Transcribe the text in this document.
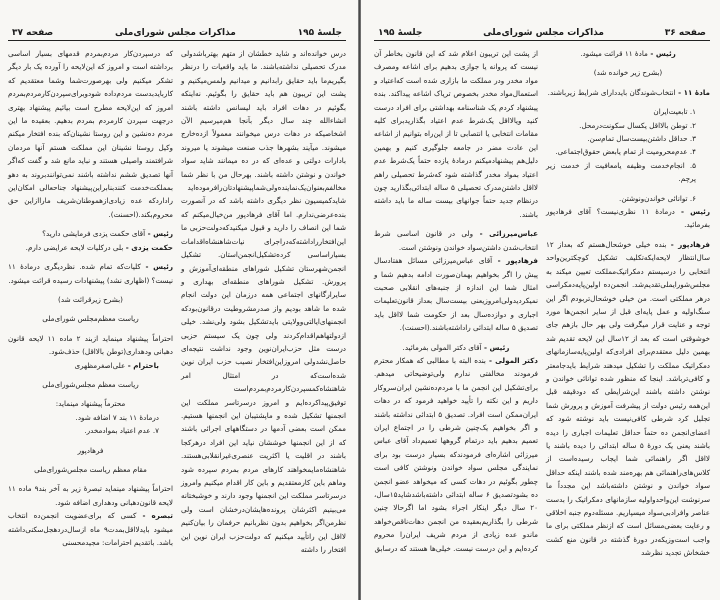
صفحه ۳۶
مذاکرات مجلس شورای‌ملی
جلسهٔ ۱۹۵

رئیس - مادهٔ ۱۱ قرائت میشود.

(بشرح زیر خوانده شد)

مادهٔ ۱۱ - انتخاب‌شوندگان بایددارای شرایط زیرباشند.

۱. تابعیت‌ایران

۲. توطن بالااقل یکسال سکونت‌درمحل.

۳. حداقل داشتن‌بیست‌سال تمام‌سن.

۴. عدم‌محرومیت از تمام یابعض حقوق‌اجتماعی.

۵. انجام‌خدمت وظیفه یامعافیت از خدمت زیر پرچم.

۶. توانائی خواندن‌ونوشتن.

رئیس - درمادهٔ ۱۱ نظری‌نیست؟ آقای فرهادپور بفرمائید.

فرهادپور - بنده خیلی خوشحال‌هستم که بعداز ۱۲ سال‌انتظار لایحه‌ایکه‌تکلیف تشکیل کوچکترین‌واحد انتخابی را درسیستم دمکراتیک‌مملکت تعیین میکند به مجلس‌شورایملی‌تقدیم‌شد. انجمن‌ده اولین‌پایه‌دمکراسی درهر مملکتی است. من خیلی خوشحال‌تربودم اگر این سنگ‌اولیه و عمل پایه‌ای قبل از سایر انجمن‌ها مورد توجه و عنایت قرار میگرفت ولی بهر حال بازهم جای خوشوقتی است که بعد از ۱۲سال این لایحه تقدیم شد بهمین دلیل معتقدم‌برای افرادی‌که اولین‌پایه‌سازمانهای دمکراتیک مملکت را تشکیل میدهند شرایط بایدجامعتر و کافی‌ترباشد. اینجا که منظور شده توانائی خواندن و نوشتن داشته باشند این‌شرایطی که دودقیقه قبل این‌همه رئیس دولت از پیشرفت آموزش و پرورش شما تجلیل کرد شرطی کافی‌نیست باید نوشته شود که اعضای‌انجمن ده حتماً حداقل تعلیمات اجباری را دیده باشند یعنی یک دورهٔ ۵ ساله ابتدائی را دیده باشند یا لااقل اگر راهنمائی شما ایجاب رسیده‌است از کلاس‌های‌راهنمائی هم بهره‌مند شده باشند اینکه حداقل سواد خواندن و نوشتن داشته‌باشد این مجدداً ما سرنوشت این‌واحدواولیه سازمانهای دمکراتیک را بدست عناصر وافرادبی‌سواد میسپاریم. مسئله‌دوم جنبه اخلاقی و رعایت بعضی‌مسائل است که ازنظر مملکتی برای ما واجب است‌وزیکه‌در دورهٔ گذشته در قانون منع کشت خشخاش تجدید نظرشد

از پشت این تریبون اعلام شد که این قانون بخاطر آن نیست که پروانه یا جوازی بدهیم برای اشاعه ومصرف مواد مخدر ودر مملکت ما بازاری شده است که‌اعتیاد و استعمال‌مواد مخدر بخصوص تریاک اشاعه پیدا‌کند. بنده پیشنهاد کردم یک شناسنامه بهداشتی برای افراد درست کنید ویالااقل یک‌شرط عدم اعتیاد بگذاریدبرای کلیه مقامات انتخابی یا انتصابی تا از این‌راه بتوانیم از اشاعه این عادت مضر در جامعه جلوگیری کنیم و بهمین دلیل‌هم پیشنهاد‌میکنم درمادهٔ یازده حتماً یک‌شرط عدم اعتیاد بمواد مخدر گذاشته شود که‌شرط تحصیلی راهم لااقل داشتن‌مدرک تحصیلی ۵ ساله ابتدائی‌بگذارید چون درنظام جدید حتماً جوانهای بیست ساله ما باید داشته باشند.

عباس‌میرزائی - ولی در قانون اساسی شرط انتخاب‌شدن داشتن‌سواد خواندن ونوشتن است.

فرهادپور - آقای عباس‌میرزائی مسائل هفتادسال پیش را اگر بخواهیم بهمان‌صورت ادامه بدهیم شما و امثال شما این اندازه از جنبه‌های انقلابی صحبت نمیکردید‌ولی‌امروزیعنی بیست‌سال بعداز قانون‌تعلیمات اجباری و دوازده‌سال بعد از حکومت شما لااقل باید تصدیق ۵ ساله ابتدائی راداشته‌باشند.(احسنت).

رئیس - آقای دکتر المولی بفرمائید.

دکتر المولی - بنده البته با مطالبی که همکار محترم فرمودند مخالفتی ندارم ولی‌توضیحاتی میدهم. برای‌تشکیل این انجمن ما با مردم‌ده‌نشین ایران‌سروکار داریم و این نکته را تأیید خواهید فرمود که در دهات ایران‌ممکن است افراد. تصدیق ۵ ابتدائی نداشته باشند و اگر بخواهیم یک‌چنین شرطی را در اجتماع ایران تعمیم بدهیم باید درتمام گروهها تعمیم‌داد آقای عباس میرزائی اشاره‌ای فرمودند‌که بسیار درست بود برای نمایندگی مجلس سواد خواندن ونوشتن کافی است چطور بگوئیم در دهات کسی که میخواهد عضو انجمن ده بشود‌تصدیق ۶ ساله ابتدائی داشته‌باشدشاید۱۵سال، ۲۰ سال دیگر اینکار اجراء بشود اما اگرحالا چنین شرطی را بگذاریم‌بعقیده من انجمن دهات‌ناقص‌خواهد ماند‌و عده زیادی از مردم شریف ایران‌را محروم کرده‌ایم و این درست نیست. خیلی‌ها هستند که درسابق

جلسهٔ ۱۹۵
مذاکرات مجلس شورای‌ملی
صفحه ۳۷

درس خوانده‌اند و شاید خطشان از متهم بهتر‌باشدولی مدرک تحصیلی نداشته‌باشند. ما باید واقعیات را درنظر بگیریم‌ما باید حقایق رابدانیم و میدانیم ولمس‌میکنیم و پشت این تریبون هم باید حقایق را بگوئیم. نه‌اینکه بگوئیم در دهات افراد باید لیسانس داشته باشند انشاءالله چند سال دیگر بآنجا هم‌میرسیم الآن اشخاصیکه در دهات درس میخوانند معمولاً از‌ده‌خارج میشوند. میآیند بشهرها جذب صنعت میشوند یا میروند بادارات دولتی و عده‌ای که در ده میمانند شاید سواد خواندن و نوشتن داشته باشند. بهرحال من با نظر شما مخالفم‌بعنوان‌یک‌نماینده‌ولی‌شماپیشنهادتان‌رافرموده‌اید شاید‌کمیسیون نظر دیگری داشته باشد که در آنصورت بنده‌عرضی‌ندارم. اما آقای فرهادپور من‌خیال‌میکنم که شما این انصاف را دارید و قبول میکنید‌که‌دولت‌حزبی ما این‌افتخار‌راداشته‌که‌دراجرای نیات‌شاهنشاه‌اقدامات بسیار‌اساسی کرده‌تشکیل‌انجمن‌استان. تشکیل انجمن‌شهرستان تشکیل شوراهای منطقه‌ای‌آموزش و پرورش. تشکیل شوراهای منطقه‌ای بهداری و سایرارگانهای اجتماعی همه درزمان این دولت انجام شده ما شاهد بودیم واز صدرمشروطیت درقانون‌بود‌که انجمنهای‌ایالتی‌وولایتی بایدتشکیل بشود ولی‌نشد. خیلی ازدولتهاهم‌اقدام‌کردند ولی چون یک سیستم حزبی درست مثل حزب‌ایران‌نوین وجود نداشت نتیجه‌ای حاصل‌نشدولی امروزاین‌افتخار نصیب حزب ایران نوین شده‌است‌که در امتثال امر شاهنشاه‌کمسپردن‌کارمردم‌بمردم‌است توفیق‌پیداکرده‌ایم و امروز درسرتاسر مملکت این انجمنها تشکیل شده و ماپشتیبان این انجمنها هستیم. ممکن است بعضی آدمها در دستگاههای اجرائی باشند که از این انجمنها خوششان نیاید این افراد درهرکجا باشند در اقلیت یا اکثریت عنصری‌غیر‌انقلابی‌هستند. شاهنشاه‌مایمخواهند کارهای مردم بمردم سپرده شود وماهم باین کارمعتقدیم و باین کار اقدام میکنیم وامروز درسرتاسر مملکت این انجمنها وجود دارند و خوشبختانه می‌بینیم اکثرشان پرونده‌هایشان‌درخشان است ولی نظرمن‌اگر بخواهیم بدون نظربانیم حرفمان را بیان‌کنیم لااقل این راتأیید میکنیم که دولت‌حزب ایران نوین این افتخار را داشته

که درسپردن‌کار مردم‌بمردم قدمهای بسیار اساسی برداشته است و امروز که این‌لایحه را آورده یک بار دیگر تشکر میکنیم ولی بهرصورت‌شما وشما معتقدیم که کارباید‌بدست مردم‌داده شودوبرای‌سپردن‌کارمردم‌بمردم امروز که این‌لایحه مطرح است بیائیم پیشنهاد بهتری درجهت سپردن کارمردم بمردم بدهیم. بعقیده ما این مردم ده‌نشین و این روستا نشینان‌که بنده افتخار میکنم وکیل روستا نشینان این مملکت هستم آنها مردمان شرافتمند واصیلی هستند و نباید مانع شد و گفت که‌اگر آنها تصدیق ششم نداشته باشند نمی‌توانندبروند به دهو بمملکت‌خدمت کنند‌بنابراین‌پیشنهاد جناحعالی امکان‌این را‌دارد‌که عده زیادی‌ازهموطنان‌شریف ما‌راازاین حق محروم‌بکند.(احسنت).

رئیس - آقای حکمت یزدی فرمایشی دارید؟

حکمت یزدی - بلی درکلیات لایحه عرایضی دارم.

رئیس - کلیات‌که تمام شده. نظردیگری درمادهٔ ۱۱ نیست؟ (اظهاری نشد) پیشنهادات رسیده قرائت میشود.

(بشرح زیرقرائت شد)

ریاست معظم‌مجلس شورای‌ملی

احتراماً پیشنهاد مینماید ازبند ۲ ماده ۱۱ لایحه قانون دهبانی ودهداری(توطن بالااقل) حذف‌شود.

باحترام - علی‌اصغرمظهری

ریاست معظم مجلس‌شورای‌ملی

محترماً پیشنهاد مینماید:

درمادهٔ ۱۱ بند ۷ اضافه شود.

۷. عدم اعتیاد بموادمخدر.

فرهادپور

مقام معظم ریاست مجلس‌شورای‌ملی

احتراماً پیشنهاد مینماید تبصرهٔ زیر به آخر بند۹ ماده ۱۱ لایحه قانون‌دهبانی ودهداری اضافه شود.

تبصره - کسی که برای‌عضویت انجمن‌ده انتخاب میشود بایدلااقل‌بمدت۹ ماه ازسال‌دردهجل‌سکنی‌داشته باشد. باتقدیم احترامات: مجیدمحسنی
